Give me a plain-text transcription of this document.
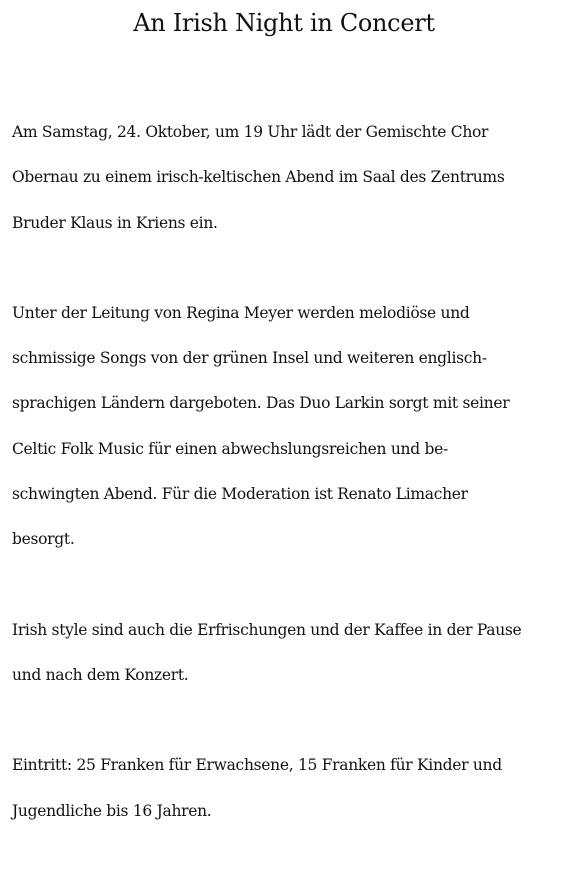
An Irish Night in Concert

Am Samstag, 24. Oktober, um 19 Uhr lädt der Gemischte Chor
Obernau zu einem irisch-keltischen Abend im Saal des Zentrums
Bruder Klaus in Kriens ein.

Unter der Leitung von Regina Meyer werden melodiöse und
schmissige Songs von der grünen Insel und weiteren englisch-
sprachigen Ländern dargeboten. Das Duo Larkin sorgt mit seiner
Celtic Folk Music für einen abwechslungsreichen und be-
schwingten Abend. Für die Moderation ist Renato Limacher
besorgt.

Irish style sind auch die Erfrischungen und der Kaffee in der Pause
und nach dem Konzert.

Eintritt: 25 Franken für Erwachsene, 15 Franken für Kinder und
Jugendliche bis 16 Jahren.
